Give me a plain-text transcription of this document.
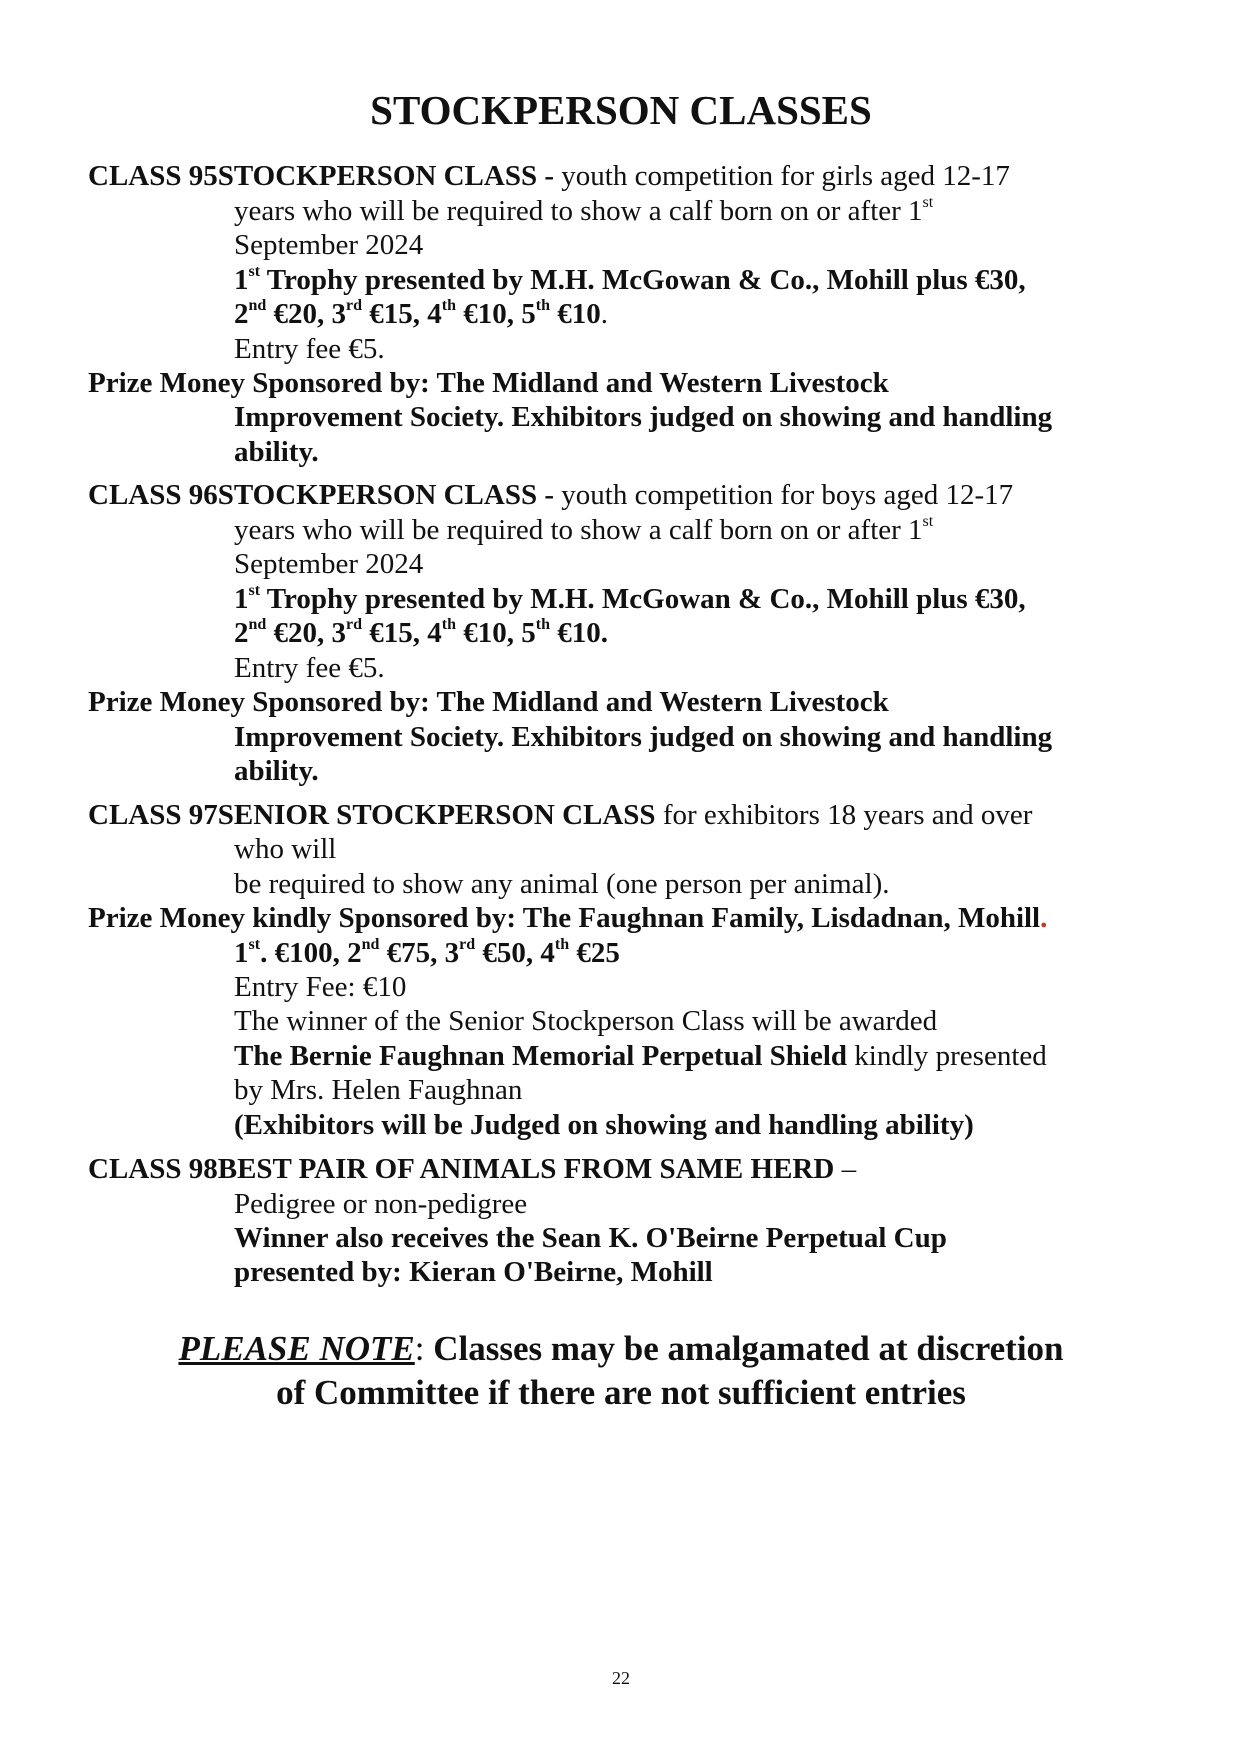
STOCKPERSON CLASSES
CLASS 95STOCKPERSON CLASS - youth competition for girls aged 12-17
years who will be required to show a calf born on or after 1st
September 2024
1st Trophy presented by M.H. McGowan & Co., Mohill plus €30,
2nd €20, 3rd €15, 4th €10, 5th €10.
Entry fee €5.
Prize Money Sponsored by: The Midland and Western Livestock
Improvement Society. Exhibitors judged on showing and handling
ability.
CLASS 96STOCKPERSON CLASS - youth competition for boys aged 12-17
years who will be required to show a calf born on or after 1st
September 2024
1st Trophy presented by M.H. McGowan & Co., Mohill plus €30,
2nd €20, 3rd €15, 4th €10, 5th €10.
Entry fee €5.
Prize Money Sponsored by: The Midland and Western Livestock
Improvement Society. Exhibitors judged on showing and handling
ability.
CLASS 97SENIOR STOCKPERSON CLASS for exhibitors 18 years and over
who will
be required to show any animal (one person per animal).
Prize Money kindly Sponsored by: The Faughnan Family, Lisdadnan, Mohill.
1st. €100, 2nd €75, 3rd €50, 4th €25
Entry Fee: €10
The winner of the Senior Stockperson Class will be awarded
The Bernie Faughnan Memorial Perpetual Shield kindly presented
by Mrs. Helen Faughnan
(Exhibitors will be Judged on showing and handling ability)
CLASS 98BEST PAIR OF ANIMALS FROM SAME HERD –
Pedigree or non-pedigree
Winner also receives the Sean K. O'Beirne Perpetual Cup
presented by: Kieran O'Beirne, Mohill
PLEASE NOTE: Classes may be amalgamated at discretion
of Committee if there are not sufficient entries
22
